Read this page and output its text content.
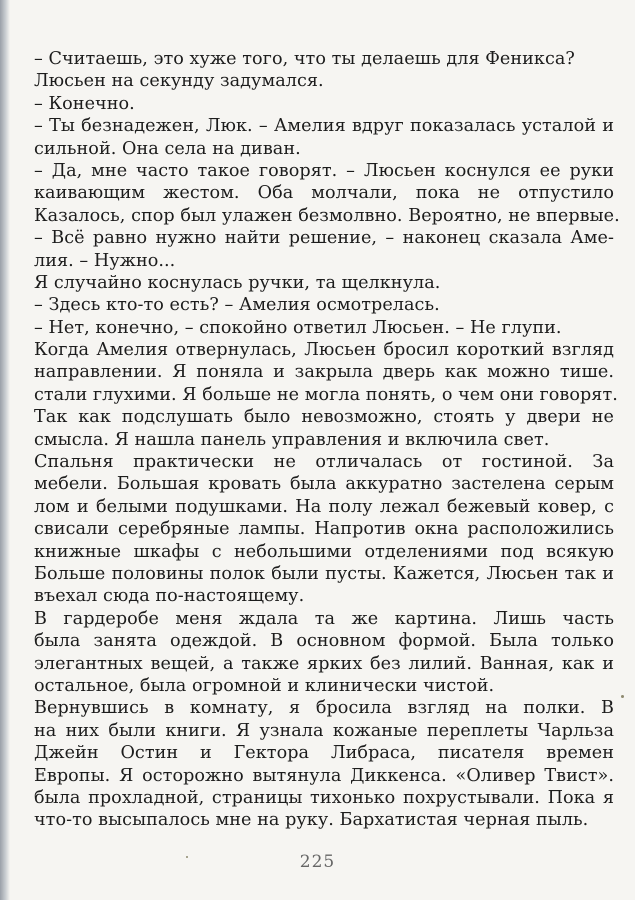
– Считаешь, это хуже того, что ты делаешь для Феникса?
Люсьен на секунду задумался.
– Конечно.
– Ты безнадежен, Люк. – Амелия вдруг показалась усталой и
сильной. Она села на диван.
– Да, мне часто такое говорят. – Люсьен коснулся ее руки
каивающим жестом. Оба молчали, пока не отпустило
Казалось, спор был улажен безмолвно. Вероятно, не впервые.
– Всё равно нужно найти решение, – наконец сказала Аме-
лия. – Нужно...
Я случайно коснулась ручки, та щелкнула.
– Здесь кто-то есть? – Амелия осмотрелась.
– Нет, конечно, – спокойно ответил Люсьен. – Не глупи.
Когда Амелия отвернулась, Люсьен бросил короткий взгляд
направлении. Я поняла и закрыла дверь как можно тише.
стали глухими. Я больше не могла понять, о чем они говорят.
Так как подслушать было невозможно, стоять у двери не
смысла. Я нашла панель управления и включила свет.
Спальня практически не отличалась от гостиной. За
мебели. Большая кровать была аккуратно застелена серым
лом и белыми подушками. На полу лежал бежевый ковер, с
свисали серебряные лампы. Напротив окна расположились
книжные шкафы с небольшими отделениями под всякую
Больше половины полок были пусты. Кажется, Люсьен так и
въехал сюда по-настоящему.
В гардеробе меня ждала та же картина. Лишь часть
была занята одеждой. В основном формой. Была только
элегантных вещей, а также ярких без лилий. Ванная, как и
остальное, была огромной и клинически чистой.
Вернувшись в комнату, я бросила взгляд на полки. В
на них были книги. Я узнала кожаные переплеты Чарльза
Джейн Остин и Гектора Либраса, писателя времен
Европы. Я осторожно вытянула Диккенса. «Оливер Твист».
была прохладной, страницы тихонько похрустывали. Пока я
что-то высыпалось мне на руку. Бархатистая черная пыль.
225
